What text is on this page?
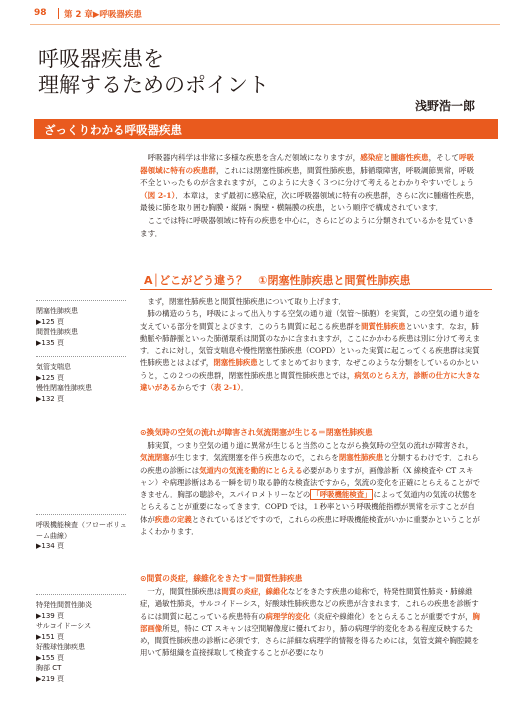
98 第 2 章▶呼吸器疾患
呼吸器疾患を
理解するためのポイント
浅野浩一郎
ざっくりわかる呼吸器疾患

呼吸器内科学は非常に多様な疾患を含んだ領域になりますが，感染症と腫瘍性疾患，そして呼吸器領域に特有の疾患群，これには閉塞性肺疾患，間質性肺疾患，肺循環障害，呼吸調節異常，呼吸不全といったものが含まれますが，このように大きく３つに分けて考えるとわかりやすいでしょう（図 2-1）．本章は，まず最初に感染症，次に呼吸器領域に特有の疾患群，さらに次に腫瘍性疾患，最後に肺を取り囲む胸膜・縦隔・胸壁・横隔膜の疾患，という順序で構成されています．

ここでは特に呼吸器領域に特有の疾患を中心に，さらにどのように分類されているかを見ていきます．

A│どこがどう違う？　①閉塞性肺疾患と間質性肺疾患

まず，閉塞性肺疾患と間質性肺疾患について取り上げます．

肺の構造のうち，呼吸によって出入りする空気の通り道（気管～肺胞）を実質，この空気の通り道を支えている部分を間質とよびます．このうち間質に起こる疾患群を間質性肺疾患といいます．なお，肺動脈や肺静脈といった肺循環系は間質のなかに含まれますが，ここにかかわる疾患は別に分けて考えます．これに対し，気管支喘息や慢性閉塞性肺疾患（COPD）といった実質に起こってくる疾患群は実質性肺疾患とはよばず，閉塞性肺疾患としてまとめております．なぜこのような分類をしているのかというと，この２つの疾患群，閉塞性肺疾患と間質性肺疾患とでは，病気のとらえ方，診断の仕方に大きな違いがあるからです（表 2-1）．

⊙換気時の空気の流れが障害され気流閉塞が生じる＝閉塞性肺疾患

肺実質，つまり空気の通り道に異常が生じると当然のことながら換気時の空気の流れが障害され，気流閉塞が生じます．気流閉塞を伴う疾患なので，これらを閉塞性肺疾患と分類するわけです．これらの疾患の診断には気道内の気流を動的にとらえる必要がありますが，画像診断（X 線検査や CT スキャン）や病理診断はある一瞬を切り取る静的な検査法ですから，気流の変化を正確にとらえることができません．胸部の聴診や，スパイロメトリーなどの 「呼吸機能検査」 によって気道内の気流の状態をとらえることが重要になってきます．COPD では，１秒率という呼吸機能指標が異常を示すことが自体が疾患の定義とされているほどですので，これらの疾患に呼吸機能検査がいかに重要かということがよくわかります．

⊙間質の炎症，線維化をきたす＝間質性肺疾患

一方，間質性肺疾患は間質の炎症，線維化などをきたす疾患の総称で，特発性間質性肺炎・肺線維症，過敏性肺炎，サルコイドーシス，好酸球性肺疾患などの疾患が含まれます．これらの疾患を診断するには間質に起こっている疾患特有の病理学的変化（炎症や線維化）をとらえることが重要ですが，胸部画像所見，特に CT スキャンは空間解像度に優れており，肺の病理学的変化をある程度反映するため，間質性肺疾患の診断に必須です．さらに詳細な病理学的情報を得るためには，気管支鏡や胸腔鏡を用いて肺組織を直接採取して検査することが必要になり

閉塞性肺疾患
▶125 頁
間質性肺疾患
▶135 頁
気管支喘息
▶125 頁
慢性閉塞性肺疾患
▶132 頁
呼吸機能検査（フローボリューム曲線）
▶134 頁
特発性間質性肺炎
▶139 頁
サルコイドーシス
▶151 頁
好酸球性肺疾患
▶155 頁
胸部 CT
▶219 頁
